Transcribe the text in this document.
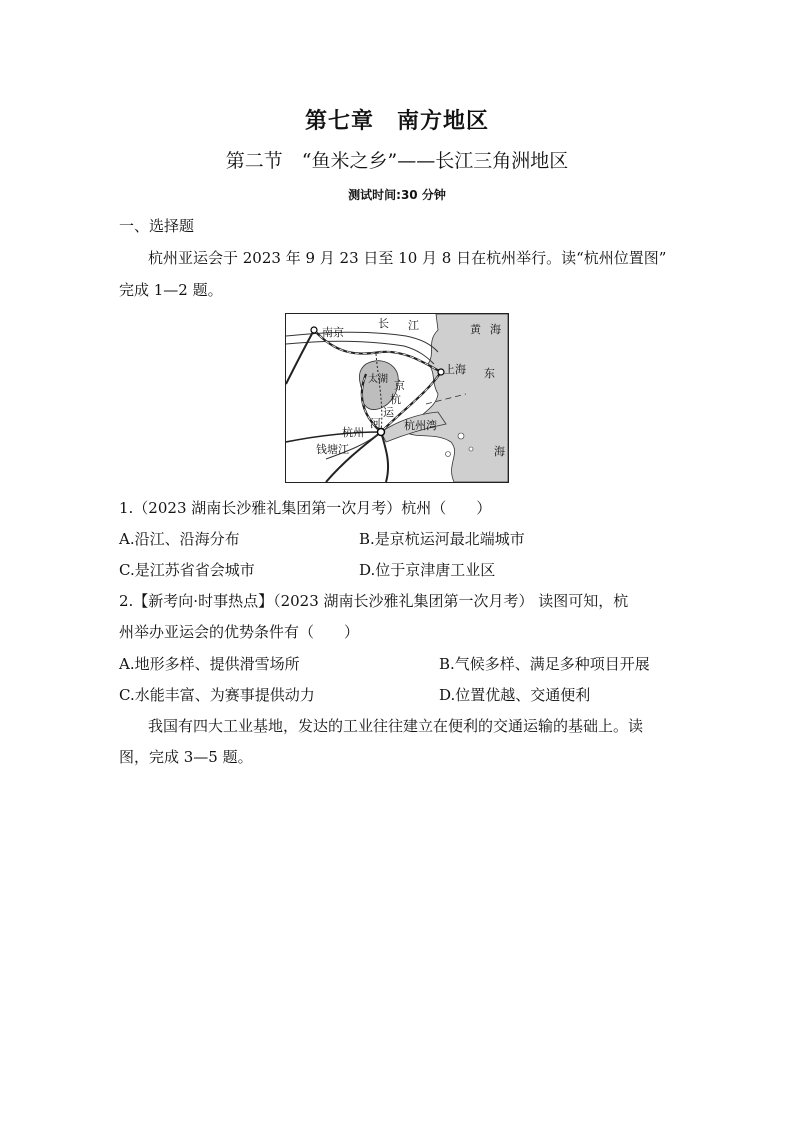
第七章　南方地区
第二节　“鱼米之乡”——长江三角洲地区
测试时间:30 分钟
一、选择题
杭州亚运会于 2023 年 9 月 23 日至 10 月 8 日在杭州举行。读“杭州位置图”
完成 1—2 题。
南京
长 江	黄 海
上海 东
海
太湖 京
杭
运
河
杭州
杭州湾
钱塘江
1.（2023 湖南长沙雅礼集团第一次月考）杭州（　　）
A.沿江、沿海分布	B.是京杭运河最北端城市
C.是江苏省省会城市	D.位于京津唐工业区
2.【新考向·时事热点】（2023 湖南长沙雅礼集团第一次月考） 读图可知，杭
州举办亚运会的优势条件有（　　）
A.地形多样、提供滑雪场所	B.气候多样、满足多种项目开展
C.水能丰富、为赛事提供动力	D.位置优越、交通便利
我国有四大工业基地，发达的工业往往建立在便利的交通运输的基础上。读
图，完成 3—5 题。
